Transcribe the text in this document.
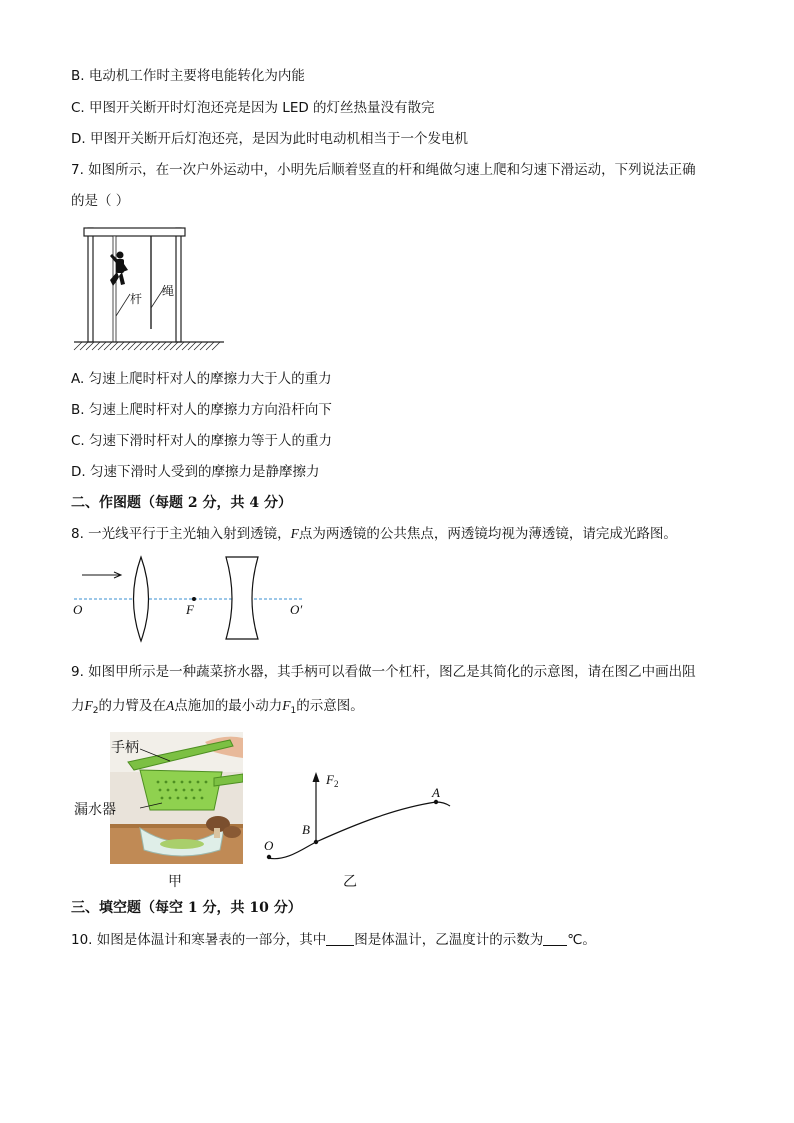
B. 电动机工作时主要将电能转化为内能
C. 甲图开关断开时灯泡还亮是因为 LED 的灯丝热量没有散完
D. 甲图开关断开后灯泡还亮，是因为此时电动机相当于一个发电机
7. 如图所示，在一次户外运动中，小明先后顺着竖直的杆和绳做匀速上爬和匀速下滑运动，下列说法正确
的是（ ）
杆
绳
A. 匀速上爬时杆对人的摩擦力大于人的重力
B. 匀速上爬时杆对人的摩擦力方向沿杆向下
C. 匀速下滑时杆对人的摩擦力等于人的重力
D. 匀速下滑时人受到的摩擦力是静摩擦力
二、作图题（每题 2 分，共 4 分）
8. 一光线平行于主光轴入射到透镜，F点为两透镜的公共焦点，两透镜均视为薄透镜，请完成光路图。
O	F	O′
9. 如图甲所示是一种蔬菜挤水器，其手柄可以看做一个杠杆，图乙是其简化的示意图，请在图乙中画出阻
力$F_2$的力臂及在A点施加的最小动力$F_1$的示意图。
手柄
漏水器
甲
$F_2$
A
B
O
乙
三、填空题（每空 1 分，共 10 分）
10. 如图是体温计和寒暑表的一部分，其中 图是体温计，乙温度计的示数为 ℃。
